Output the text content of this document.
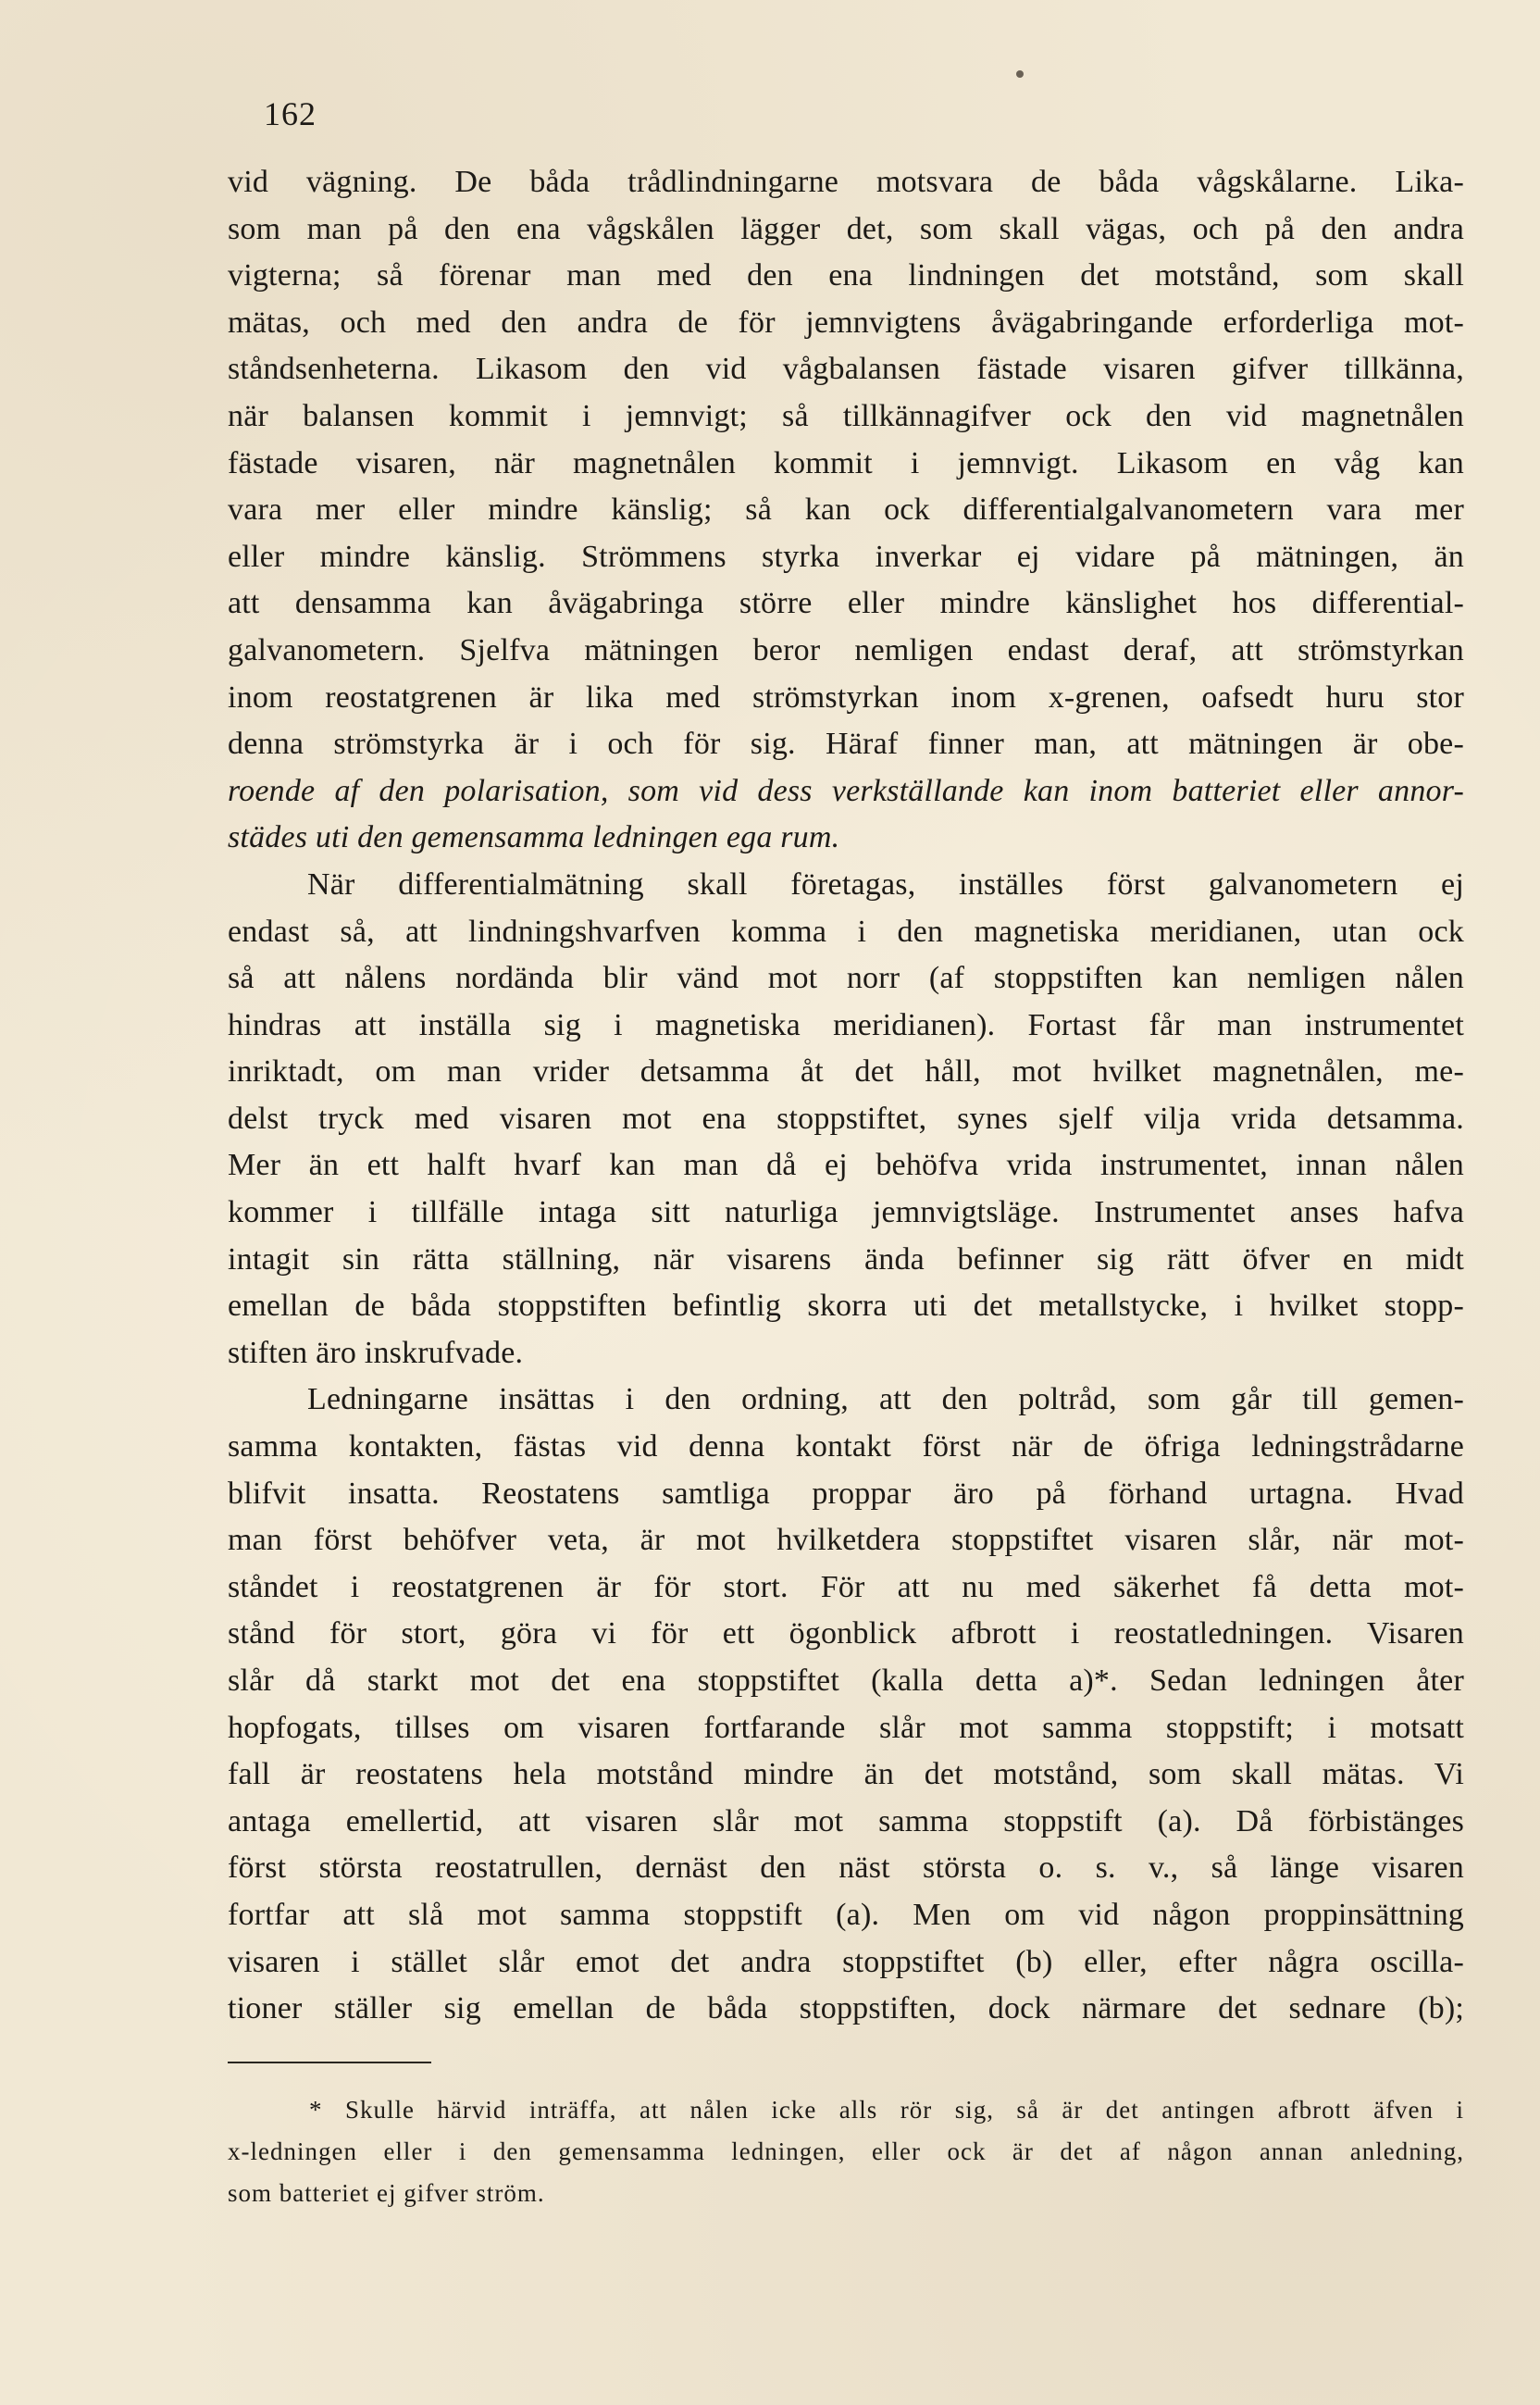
162
vid vägning. De båda trådlindningarne motsvara de båda vågskålarne. Lika-
som man på den ena vågskålen lägger det, som skall vägas, och på den andra
vigterna; så förenar man med den ena lindningen det motstånd, som skall
mätas, och med den andra de för jemnvigtens åvägabringande erforderliga mot-
ståndsenheterna. Likasom den vid vågbalansen fästade visaren gifver tillkänna,
när balansen kommit i jemnvigt; så tillkännagifver ock den vid magnetnålen
fästade visaren, när magnetnålen kommit i jemnvigt. Likasom en våg kan
vara mer eller mindre känslig; så kan ock differentialgalvanometern vara mer
eller mindre känslig. Strömmens styrka inverkar ej vidare på mätningen, än
att densamma kan åvägabringa större eller mindre känslighet hos differential-
galvanometern. Sjelfva mätningen beror nemligen endast deraf, att strömstyrkan
inom reostatgrenen är lika med strömstyrkan inom x-grenen, oafsedt huru stor
denna strömstyrka är i och för sig. Häraf finner man, att mätningen är obe-
roende af den polarisation, som vid dess verkställande kan inom batteriet eller annor-
städes uti den gemensamma ledningen ega rum.
När differentialmätning skall företagas, inställes först galvanometern ej
endast så, att lindningshvarfven komma i den magnetiska meridianen, utan ock
så att nålens nordända blir vänd mot norr (af stoppstiften kan nemligen nålen
hindras att inställa sig i magnetiska meridianen). Fortast får man instrumentet
inriktadt, om man vrider detsamma åt det håll, mot hvilket magnetnålen, me-
delst tryck med visaren mot ena stoppstiftet, synes sjelf vilja vrida detsamma.
Mer än ett halft hvarf kan man då ej behöfva vrida instrumentet, innan nålen
kommer i tillfälle intaga sitt naturliga jemnvigtsläge. Instrumentet anses hafva
intagit sin rätta ställning, när visarens ända befinner sig rätt öfver en midt
emellan de båda stoppstiften befintlig skorra uti det metallstycke, i hvilket stopp-
stiften äro inskrufvade.
Ledningarne insättas i den ordning, att den poltråd, som går till gemen-
samma kontakten, fästas vid denna kontakt först när de öfriga ledningstrådarne
blifvit insatta. Reostatens samtliga proppar äro på förhand urtagna. Hvad
man först behöfver veta, är mot hvilketdera stoppstiftet visaren slår, när mot-
ståndet i reostatgrenen är för stort. För att nu med säkerhet få detta mot-
stånd för stort, göra vi för ett ögonblick afbrott i reostatledningen. Visaren
slår då starkt mot det ena stoppstiftet (kalla detta a)*. Sedan ledningen åter
hopfogats, tillses om visaren fortfarande slår mot samma stoppstift; i motsatt
fall är reostatens hela motstånd mindre än det motstånd, som skall mätas. Vi
antaga emellertid, att visaren slår mot samma stoppstift (a). Då förbistänges
först största reostatrullen, dernäst den näst största o. s. v., så länge visaren
fortfar att slå mot samma stoppstift (a). Men om vid någon proppinsättning
visaren i stället slår emot det andra stoppstiftet (b) eller, efter några oscilla-
tioner ställer sig emellan de båda stoppstiften, dock närmare det sednare (b);
* Skulle härvid inträffa, att nålen icke alls rör sig, så är det antingen afbrott äfven i
x-ledningen eller i den gemensamma ledningen, eller ock är det af någon annan anledning,
som batteriet ej gifver ström.
